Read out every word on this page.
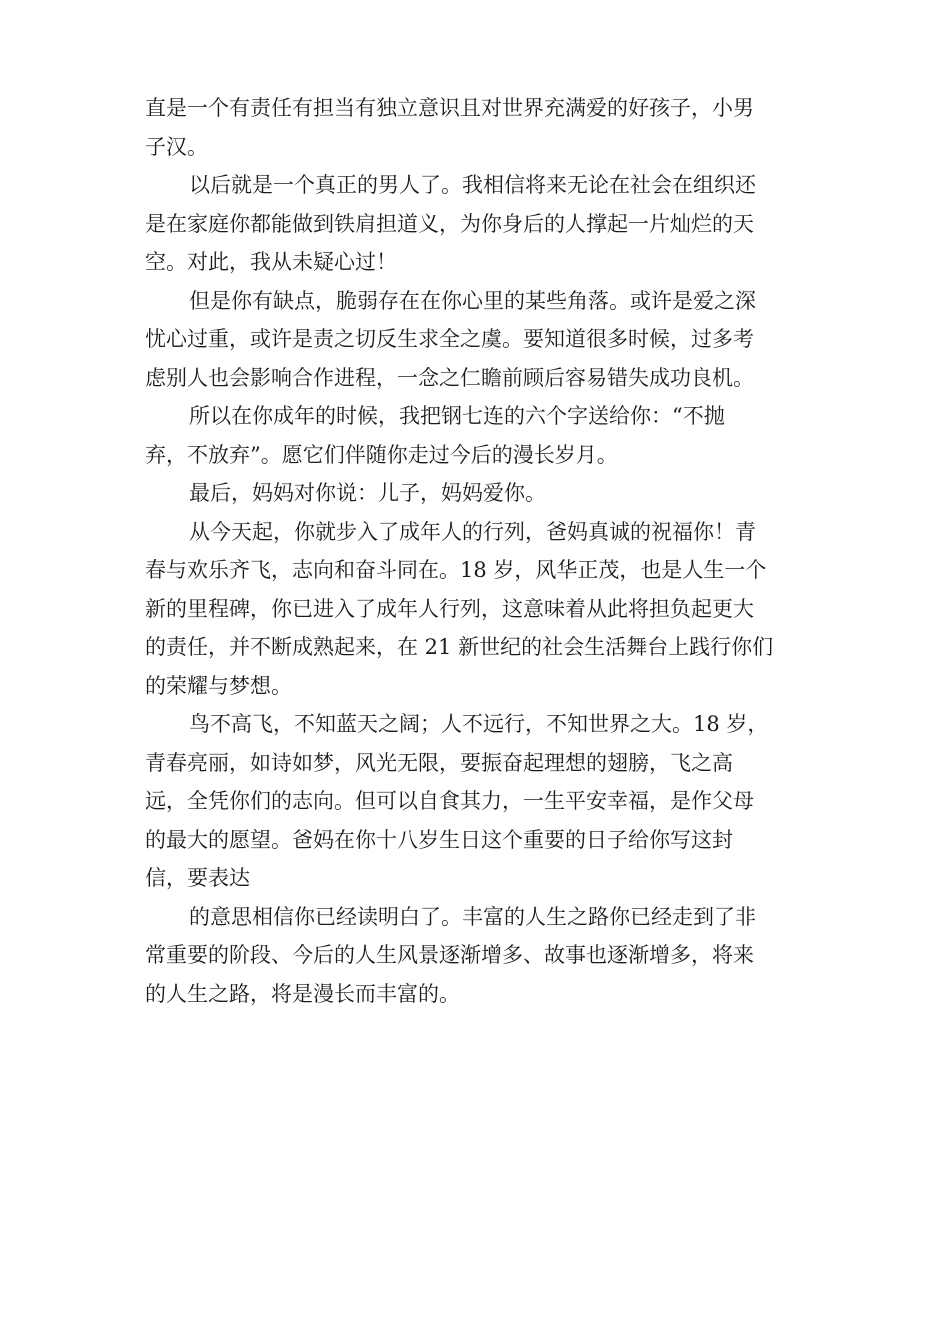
直是一个有责任有担当有独立意识且对世界充满爱的好孩子，小男
子汉。
以后就是一个真正的男人了。我相信将来无论在社会在组织还
是在家庭你都能做到铁肩担道义，为你身后的人撑起一片灿烂的天
空。对此，我从未疑心过！
但是你有缺点，脆弱存在在你心里的某些角落。或许是爱之深
忧心过重，或许是责之切反生求全之虞。要知道很多时候，过多考
虑别人也会影响合作进程，一念之仁瞻前顾后容易错失成功良机。
所以在你成年的时候，我把钢七连的六个字送给你：“不抛
弃，不放弃”。愿它们伴随你走过今后的漫长岁月。
最后，妈妈对你说：儿子，妈妈爱你。
从今天起，你就步入了成年人的行列，爸妈真诚的祝福你！青
春与欢乐齐飞，志向和奋斗同在。18 岁，风华正茂，也是人生一个
新的里程碑，你已进入了成年人行列，这意味着从此将担负起更大
的责任，并不断成熟起来，在 21 新世纪的社会生活舞台上践行你们
的荣耀与梦想。
鸟不高飞，不知蓝天之阔；人不远行，不知世界之大。18 岁，
青春亮丽，如诗如梦，风光无限，要振奋起理想的翅膀，飞之高
远，全凭你们的志向。但可以自食其力，一生平安幸福，是作父母
的最大的愿望。爸妈在你十八岁生日这个重要的日子给你写这封
信，要表达
的意思相信你已经读明白了。丰富的人生之路你已经走到了非
常重要的阶段、今后的人生风景逐渐增多、故事也逐渐增多，将来
的人生之路，将是漫长而丰富的。
